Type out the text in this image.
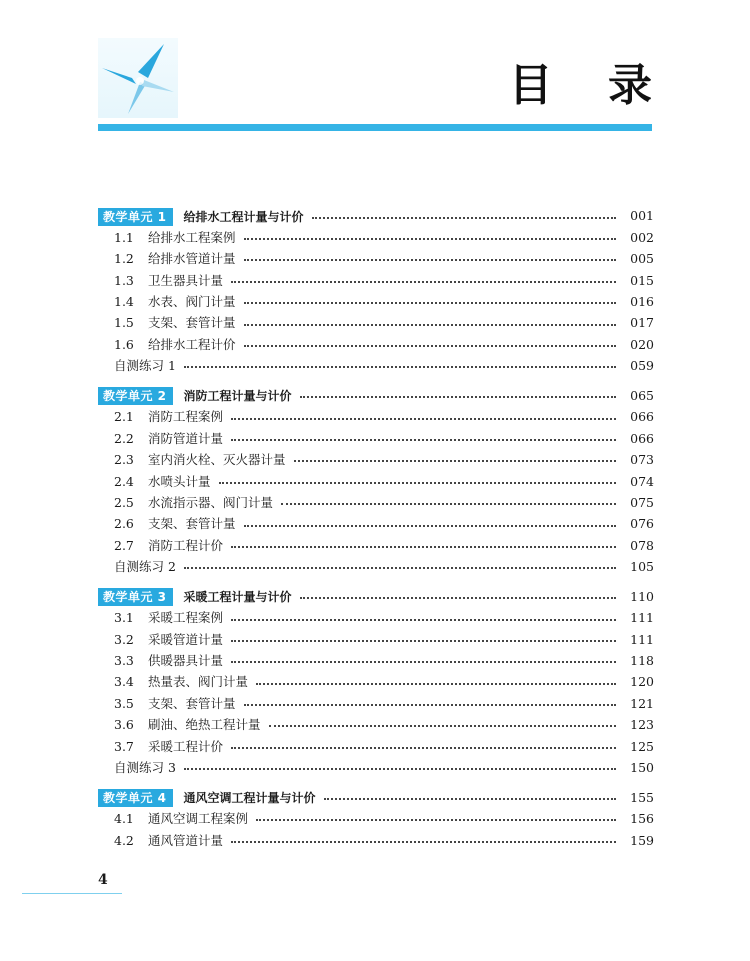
目 录
教学单元 1	给排水工程计量与计价	001
1.1	给排水工程案例	002
1.2	给排水管道计量	005
1.3	卫生器具计量	015
1.4	水表、阀门计量	016
1.5	支架、套管计量	017
1.6	给排水工程计价	020
自测练习 1	059
教学单元 2	消防工程计量与计价	065
2.1	消防工程案例	066
2.2	消防管道计量	066
2.3	室内消火栓、灭火器计量	073
2.4	水喷头计量	074
2.5	水流指示器、阀门计量	075
2.6	支架、套管计量	076
2.7	消防工程计价	078
自测练习 2	105
教学单元 3	采暖工程计量与计价	110
3.1	采暖工程案例	111
3.2	采暖管道计量	111
3.3	供暖器具计量	118
3.4	热量表、阀门计量	120
3.5	支架、套管计量	121
3.6	刷油、绝热工程计量	123
3.7	采暖工程计价	125
自测练习 3	150
教学单元 4	通风空调工程计量与计价	155
4.1	通风空调工程案例	156
4.2	通风管道计量	159
4
